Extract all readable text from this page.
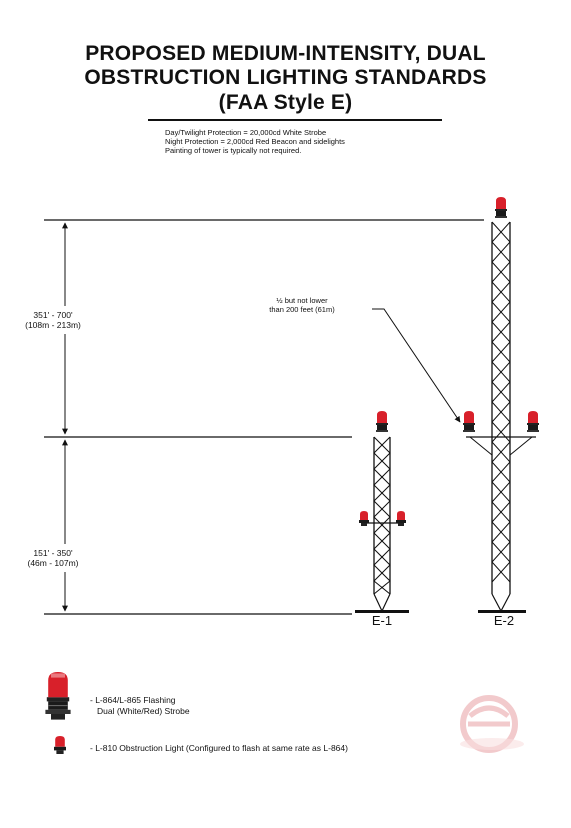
PROPOSED MEDIUM-INTENSITY, DUAL
OBSTRUCTION LIGHTING STANDARDS
(FAA Style E)
Day/Twilight Protection = 20,000cd White Strobe
Night Protection = 2,000cd Red Beacon and sidelights
Painting of tower is typically not required.
351' - 700'
(108m - 213m)
151' - 350'
(46m - 107m)
½ but not lower
than 200 feet (61m)
E-1	E-2
- L-864/L-865 Flashing
Dual (White/Red) Strobe
- L-810 Obstruction Light (Configured to flash at same rate as L-864)
